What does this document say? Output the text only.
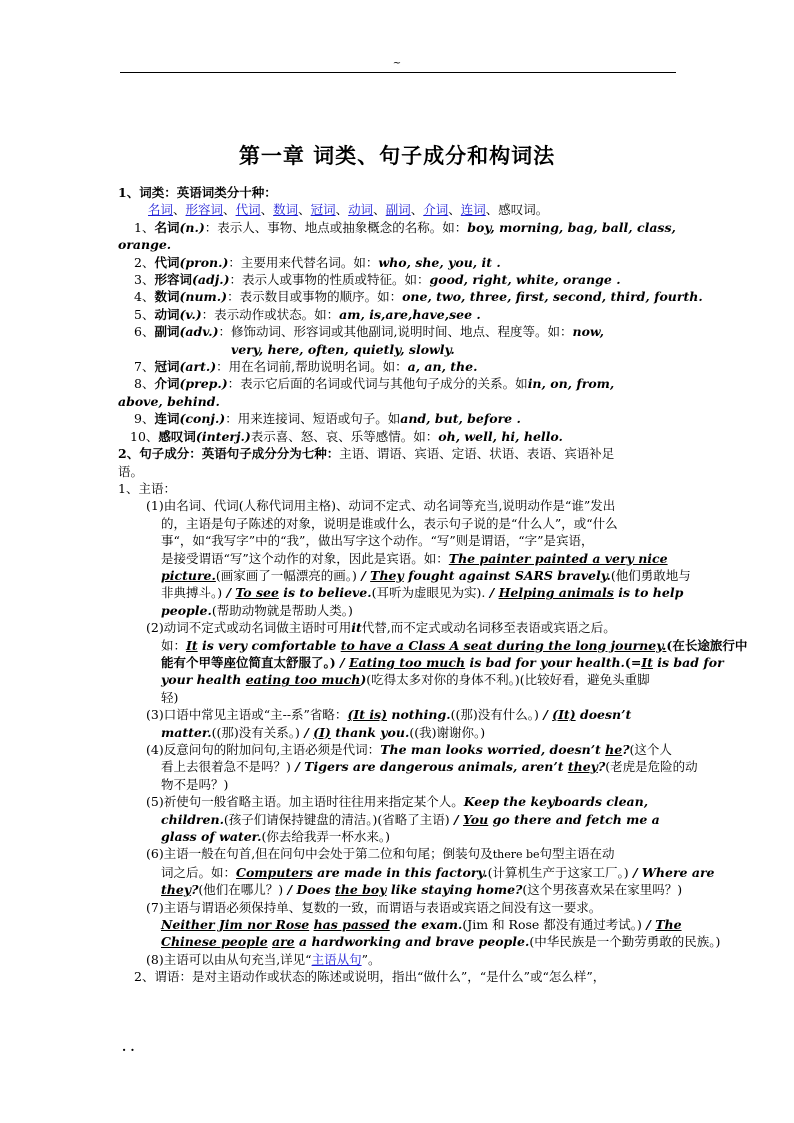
~
第一章 词类、句子成分和构词法

1、词类：英语词类分十种：

名词、形容词、代词、数词、冠词、动词、副词、介词、连词、感叹词。

1、名词(n.)：表示人、事物、地点或抽象概念的名称。如：boy, morning, bag, ball, class,

orange.

2、代词(pron.)：主要用来代替名词。如：who, she, you, it .

3、形容词(adj.)：表示人或事物的性质或特征。如：good, right, white, orange .

4、数词(num.)：表示数目或事物的顺序。如：one, two, three, first, second, third, fourth.

5、动词(v.)：表示动作或状态。如：am, is,are,have,see .

6、副词(adv.)：修饰动词、形容词或其他副词,说明时间、地点、程度等。如：now,

very, here, often, quietly, slowly.

7、冠词(art.)：用在名词前,帮助说明名词。如：a, an, the.

8、介词(prep.)：表示它后面的名词或代词与其他句子成分的关系。如in, on, from,

above, behind.

9、连词(conj.)：用来连接词、短语或句子。如and, but, before .

10、感叹词(interj.)表示喜、怒、哀、乐等感情。如：oh, well, hi, hello.

2、句子成分：英语句子成分分为七种：主语、谓语、宾语、定语、状语、表语、宾语补足

语。

1、主语：

(1)由名词、代词(人称代词用主格)、动词不定式、动名词等充当,说明动作是“谁”发出

的，主语是句子陈述的对象，说明是谁或什么，表示句子说的是“什么人”，或“什么

事“，如“我写字”中的“我”，做出写字这个动作。“写”则是谓语，“字”是宾语，

是接受谓语“写”这个动作的对象，因此是宾语。如：The painter painted a very nice

picture.(画家画了一幅漂亮的画。) / They fought against SARS bravely.(他们勇敢地与

非典搏斗。) / To see is to believe.(耳听为虚眼见为实). / Helping animals is to help

people.(帮助动物就是帮助人类。)

(2)动词不定式或动名词做主语时可用it代替,而不定式或动名词移至表语或宾语之后。

如：It is very comfortable to have a Class A seat during the long journey.(在长途旅行中

能有个甲等座位简直太舒服了。) / Eating too much is bad for your health.(=It is bad for

your health eating too much)(吃得太多对你的身体不利。)(比较好看，避免头重脚

轻)

(3)口语中常见主语或“主--系”省略：(It is) nothing.((那)没有什么。) / (It) doesn’t

matter.((那)没有关系。) / (I) thank you.((我)谢谢你。)

(4)反意问句的附加问句,主语必须是代词：The man looks worried, doesn’t he?(这个人

看上去很着急不是吗？) / Tigers are dangerous animals, aren’t they?(老虎是危险的动

物不是吗？)

(5)祈使句一般省略主语。加主语时往往用来指定某个人。Keep the keyboards clean,

children.(孩子们请保持键盘的清洁。)(省略了主语) / You go there and fetch me a

glass of water.(你去给我弄一杯水来。)

(6)主语一般在句首,但在问句中会处于第二位和句尾；倒装句及there be句型主语在动

词之后。如：Computers are made in this factory.(计算机生产于这家工厂。) / Where are

they?(他们在哪儿？) / Does the boy like staying home?(这个男孩喜欢呆在家里吗？)

(7)主语与谓语必须保持单、复数的一致，而谓语与表语或宾语之间没有这一要求。

Neither Jim nor Rose has passed the exam.(Jim 和 Rose 都没有通过考试。) / The

Chinese people are a hardworking and brave people.(中华民族是一个勤劳勇敢的民族。)

(8)主语可以由从句充当,详见“主语从句”。

2、谓语：是对主语动作或状态的陈述或说明，指出“做什么”，“是什么”或“怎么样”，

. .
